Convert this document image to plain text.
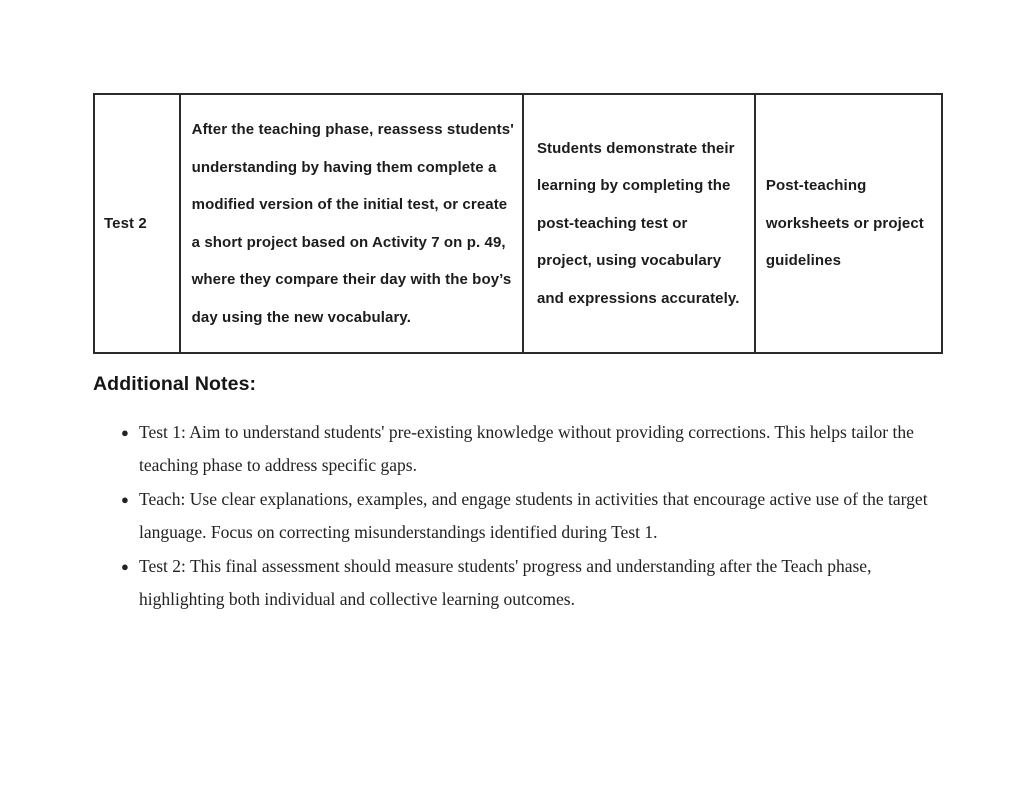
Test 2
After the teaching phase, reassess students' understanding by having them complete a modified version of the initial test, or create a short project based on Activity 7 on p. 49, where they compare their day with the boy’s day using the new vocabulary.
Students demonstrate their learning by completing the post-teaching test or project, using vocabulary and expressions accurately.
Post-teaching worksheets or project guidelines
Additional Notes:
● Test 1: Aim to understand students' pre-existing knowledge without providing corrections. This helps tailor the teaching phase to address specific gaps.
● Teach: Use clear explanations, examples, and engage students in activities that encourage active use of the target language. Focus on correcting misunderstandings identified during Test 1.
● Test 2: This final assessment should measure students' progress and understanding after the Teach phase, highlighting both individual and collective learning outcomes.
